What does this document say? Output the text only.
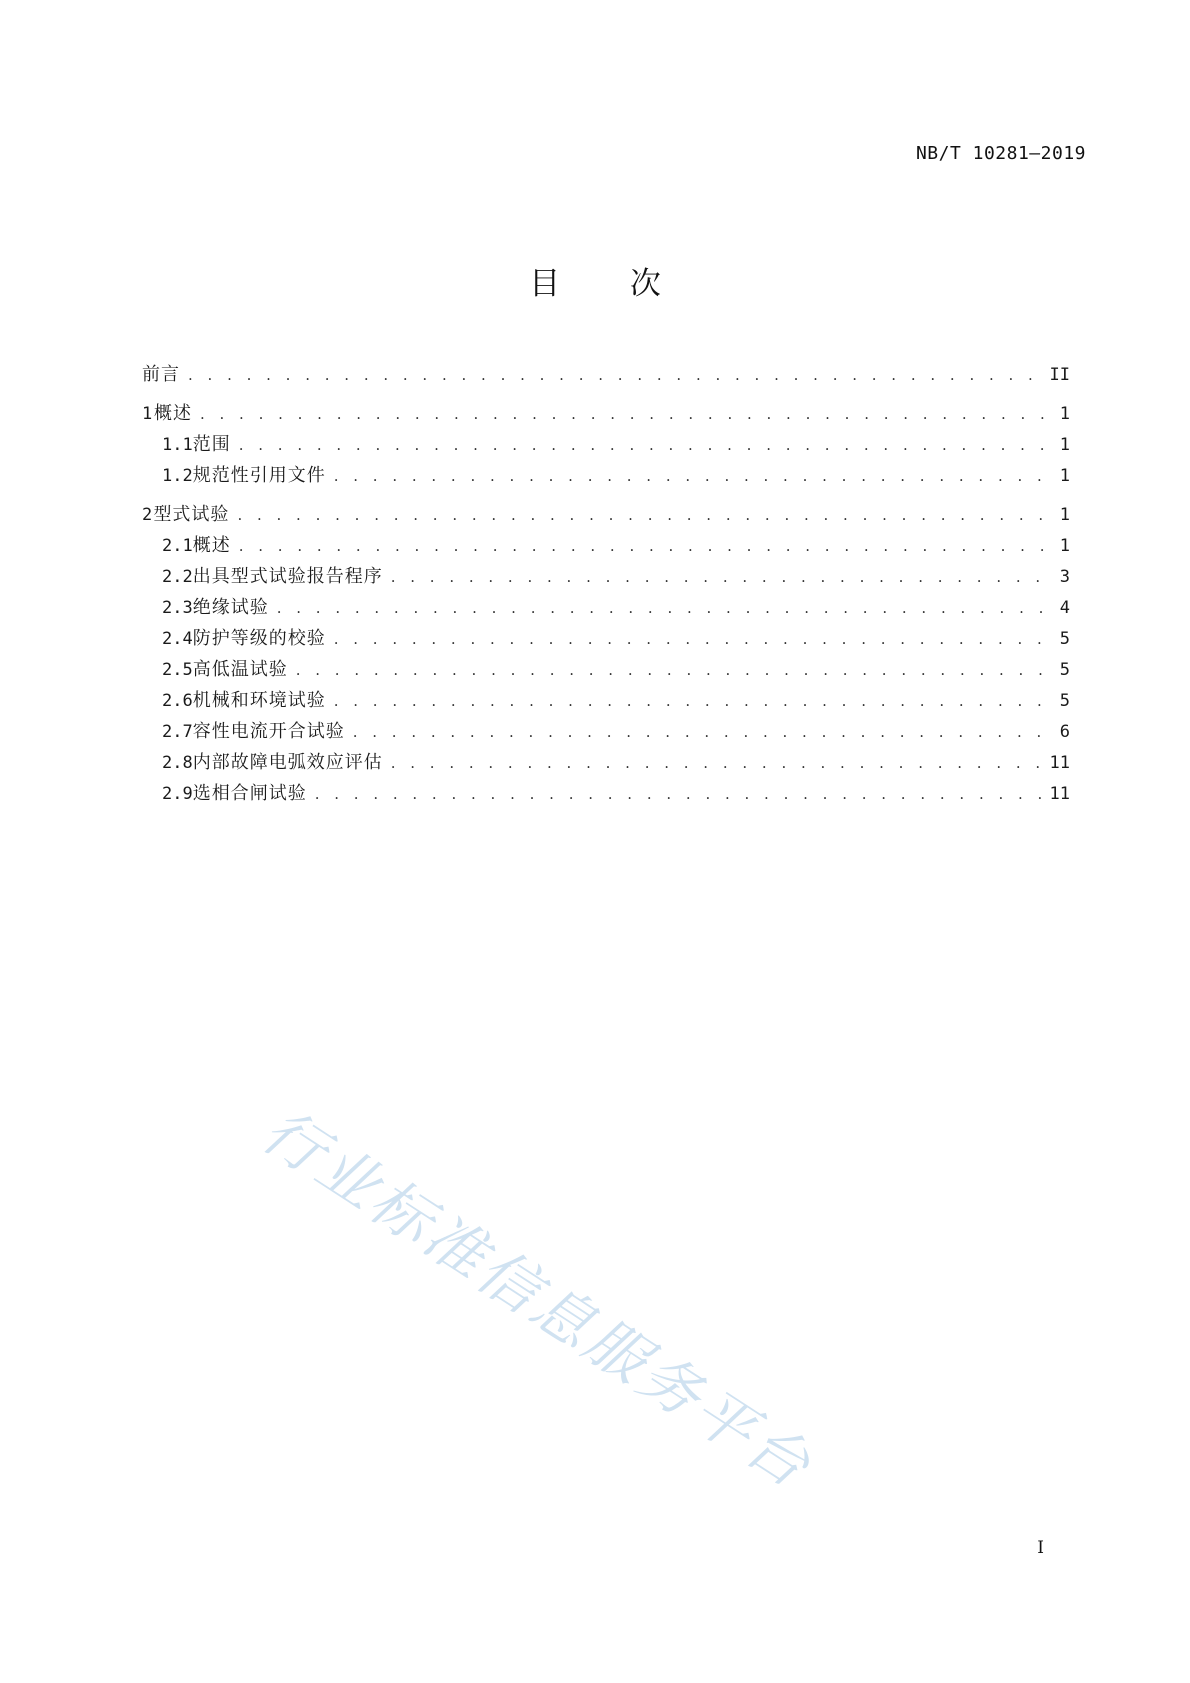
NB/T 10281—2019
目 次
前言 . . .	II
1 概述 . . .	1
1.1 范围 . . .	1
1.2 规范性引用文件 . . .	1
2 型式试验 . . .	1
2.1 概述 . . .	1
2.2 出具型式试验报告程序 . . .	3
2.3 绝缘试验 . . .	4
2.4 防护等级的校验 . . .	5
2.5 高低温试验 . . .	5
2.6 机械和环境试验 . . .	5
2.7 容性电流开合试验 . . .	6
2.8 内部故障电弧效应评估 . . .	11
2.9 选相合闸试验 . . .	11
行业标准信息服务平台
I
